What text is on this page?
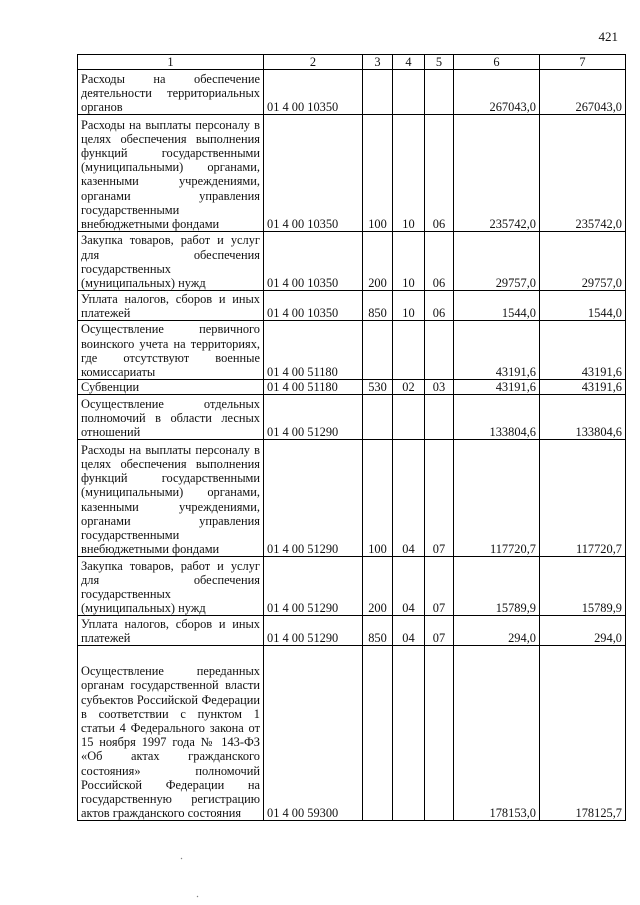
421
1	2	3	4	5	6	7
Расходы на обеспечение деятельности территориальных органов	01 4 00 10350				267043,0	267043,0
Расходы на выплаты персоналу в целях обеспечения выполнения функций государственными (муниципальными) органами, казенными учреждениями, органами управления государственными внебюджетными фондами	01 4 00 10350	100	10	06	235742,0	235742,0
Закупка товаров, работ и услуг для обеспечения государственных (муниципальных) нужд	01 4 00 10350	200	10	06	29757,0	29757,0
Уплата налогов, сборов и иных платежей	01 4 00 10350	850	10	06	1544,0	1544,0
Осуществление первичного воинского учета на территориях, где отсутствуют военные комиссариаты	01 4 00 51180				43191,6	43191,6
Субвенции	01 4 00 51180	530	02	03	43191,6	43191,6
Осуществление отдельных полномочий в области лесных отношений	01 4 00 51290				133804,6	133804,6
Расходы на выплаты персоналу в целях обеспечения выполнения функций государственными (муниципальными) органами, казенными учреждениями, органами управления государственными внебюджетными фондами	01 4 00 51290	100	04	07	117720,7	117720,7
Закупка товаров, работ и услуг для обеспечения государственных (муниципальных) нужд	01 4 00 51290	200	04	07	15789,9	15789,9
Уплата налогов, сборов и иных платежей	01 4 00 51290	850	04	07	294,0	294,0
Осуществление переданных органам государственной власти субъектов Российской Федерации в соответствии с пунктом 1 статьи 4 Федерального закона от 15 ноября 1997 года № 143-ФЗ «Об актах гражданского состояния» полномочий Российской Федерации на государственную регистрацию актов гражданского состояния	01 4 00 59300				178153,0	178125,7
